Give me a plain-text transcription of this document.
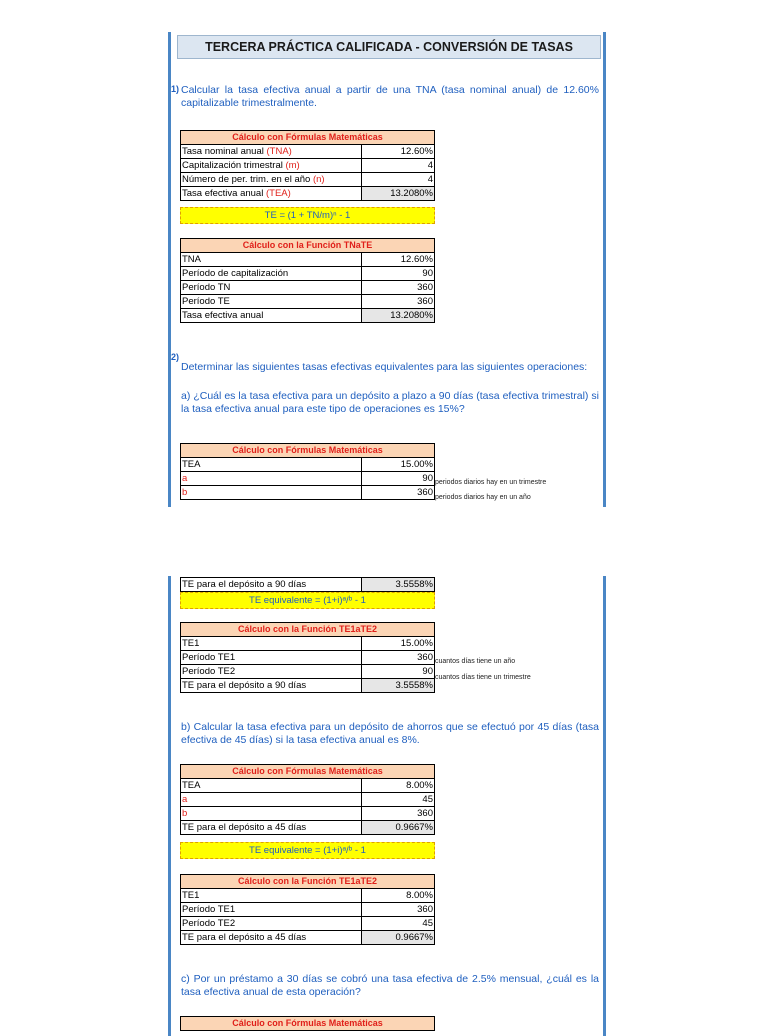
TERCERA PRÁCTICA CALIFICADA - CONVERSIÓN DE TASAS
1) Calcular la tasa efectiva anual a partir de una TNA (tasa nominal anual) de 12.60% capitalizable trimestralmente.
Cálculo con Fórmulas Matemáticas	
Tasa nominal anual (TNA)	12.60%
Capitalización trimestral (m)	4
Número de per. trim. en el año (n)	4
Tasa efectiva anual (TEA)	13.2080%
TE = (1 + TN/m)ⁿ - 1
Cálculo con la Función TNaTE	
TNA	12.60%
Período de capitalización	90
Período TN	360
Período TE	360
Tasa efectiva anual	13.2080%
2)
Determinar las siguientes tasas efectivas equivalentes para las siguientes operaciones:
a) ¿Cuál es la tasa efectiva para un depósito a plazo a 90 días (tasa efectiva trimestral) si la tasa efectiva anual para este tipo de operaciones es 15%?
Cálculo con Fórmulas Matemáticas	
TEA	15.00%
a	90
b	360
periodos diarios hay en un trimestre
periodos diarios hay en un año
TE para el depósito a 90 días	3.5558%
TE equivalente = (1+i)ᵃ/ᵇ - 1
Cálculo con la Función TE1aTE2	
TE1	15.00%
Período TE1	360
Período TE2	90
TE para el depósito a 90 días	3.5558%
cuantos días tiene un año
cuantos días tiene un trimestre
b) Calcular la tasa efectiva para un depósito de ahorros que se efectuó por 45 días (tasa efectiva de 45 días) si la tasa efectiva anual es 8%.
Cálculo con Fórmulas Matemáticas	
TEA	8.00%
a	45
b	360
TE para el depósito a 45 días	0.9667%
TE equivalente = (1+i)ᵃ/ᵇ - 1
Cálculo con la Función TE1aTE2	
TE1	8.00%
Período TE1	360
Período TE2	45
TE para el depósito a 45 días	0.9667%
c) Por un préstamo a 30 días se cobró una tasa efectiva de 2.5% mensual, ¿cuál es la tasa efectiva anual de esta operación?
Cálculo con Fórmulas Matemáticas
